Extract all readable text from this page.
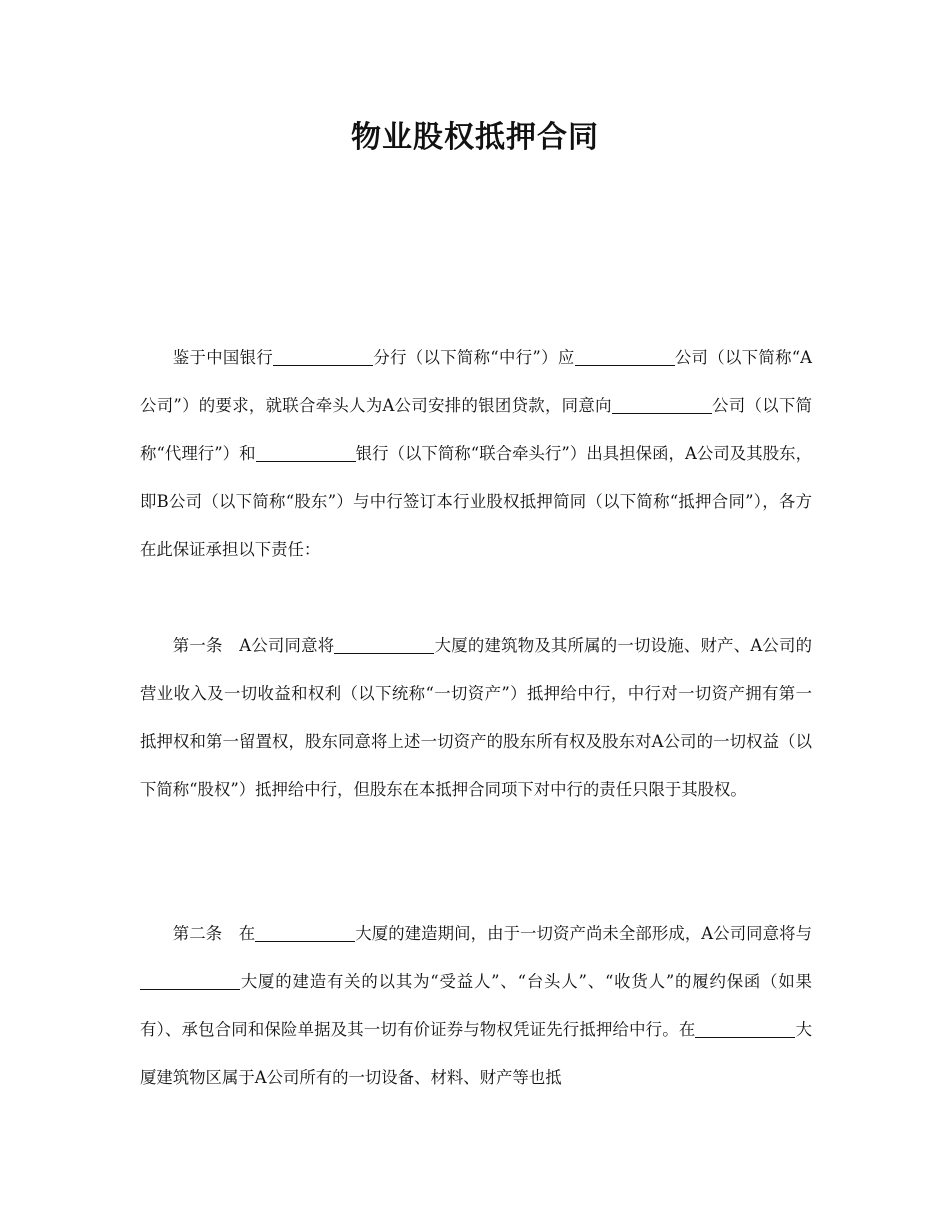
物业股权抵押合同

鉴于中国银行	分行（以下简称“中行”）应	公司（以下简称“A公司”）的要求，就联合牵头人为A公司安排的银团贷款，同意向	公司（以下简称“代理行”）和	银行（以下简称“联合牵头行”）出具担保函，A公司及其股东，即B公司（以下简称“股东”）与中行签订本行业股权抵押简同（以下简称“抵押合同”），各方在此保证承担以下责任：

第一条　A公司同意将	大厦的建筑物及其所属的一切设施、财产、A公司的营业收入及一切收益和权利（以下统称“一切资产”）抵押给中行，中行对一切资产拥有第一抵押权和第一留置权，股东同意将上述一切资产的股东所有权及股东对A公司的一切权益（以下简称“股权”）抵押给中行，但股东在本抵押合同项下对中行的责任只限于其股权。

第二条　在	大厦的建造期间，由于一切资产尚未全部形成，A公司同意将与大厦的建造有关的以其为“受益人”、“台头人”、“收货人”的履约保函（如果有）、承包合同和保险单据及其一切有价证券与物权凭证先行抵押给中行。在	大厦建筑物区属于A公司所有的一切设备、材料、财产等也抵
